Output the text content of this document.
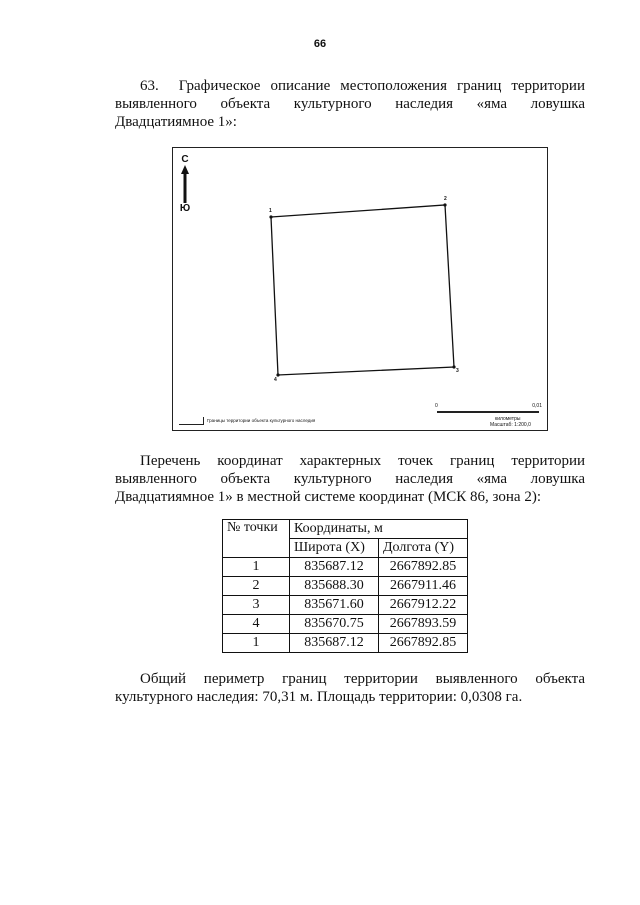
66

63. Графическое описание местоположения границ территории выявленного объекта культурного наследия «яма ловушка Двадцатиямное 1»:

С
Ю	1
2
3
4
Границы территории объекта культурного наследия
0	0,01
километры
Масштаб: 1:200,0

Перечень координат характерных точек границ территории выявленного объекта культурного наследия «яма ловушка Двадцатиямное 1» в местной системе координат (МСК 86, зона 2):

№ точки	Координаты, м	
	Широта (X)	Долгота (Y)
1	835687.12	2667892.85
2	835688.30	2667911.46
3	835671.60	2667912.22
4	835670.75	2667893.59
1	835687.12	2667892.85

Общий периметр границ территории выявленного объекта культурного наследия: 70,31 м. Площадь территории: 0,0308 га.
